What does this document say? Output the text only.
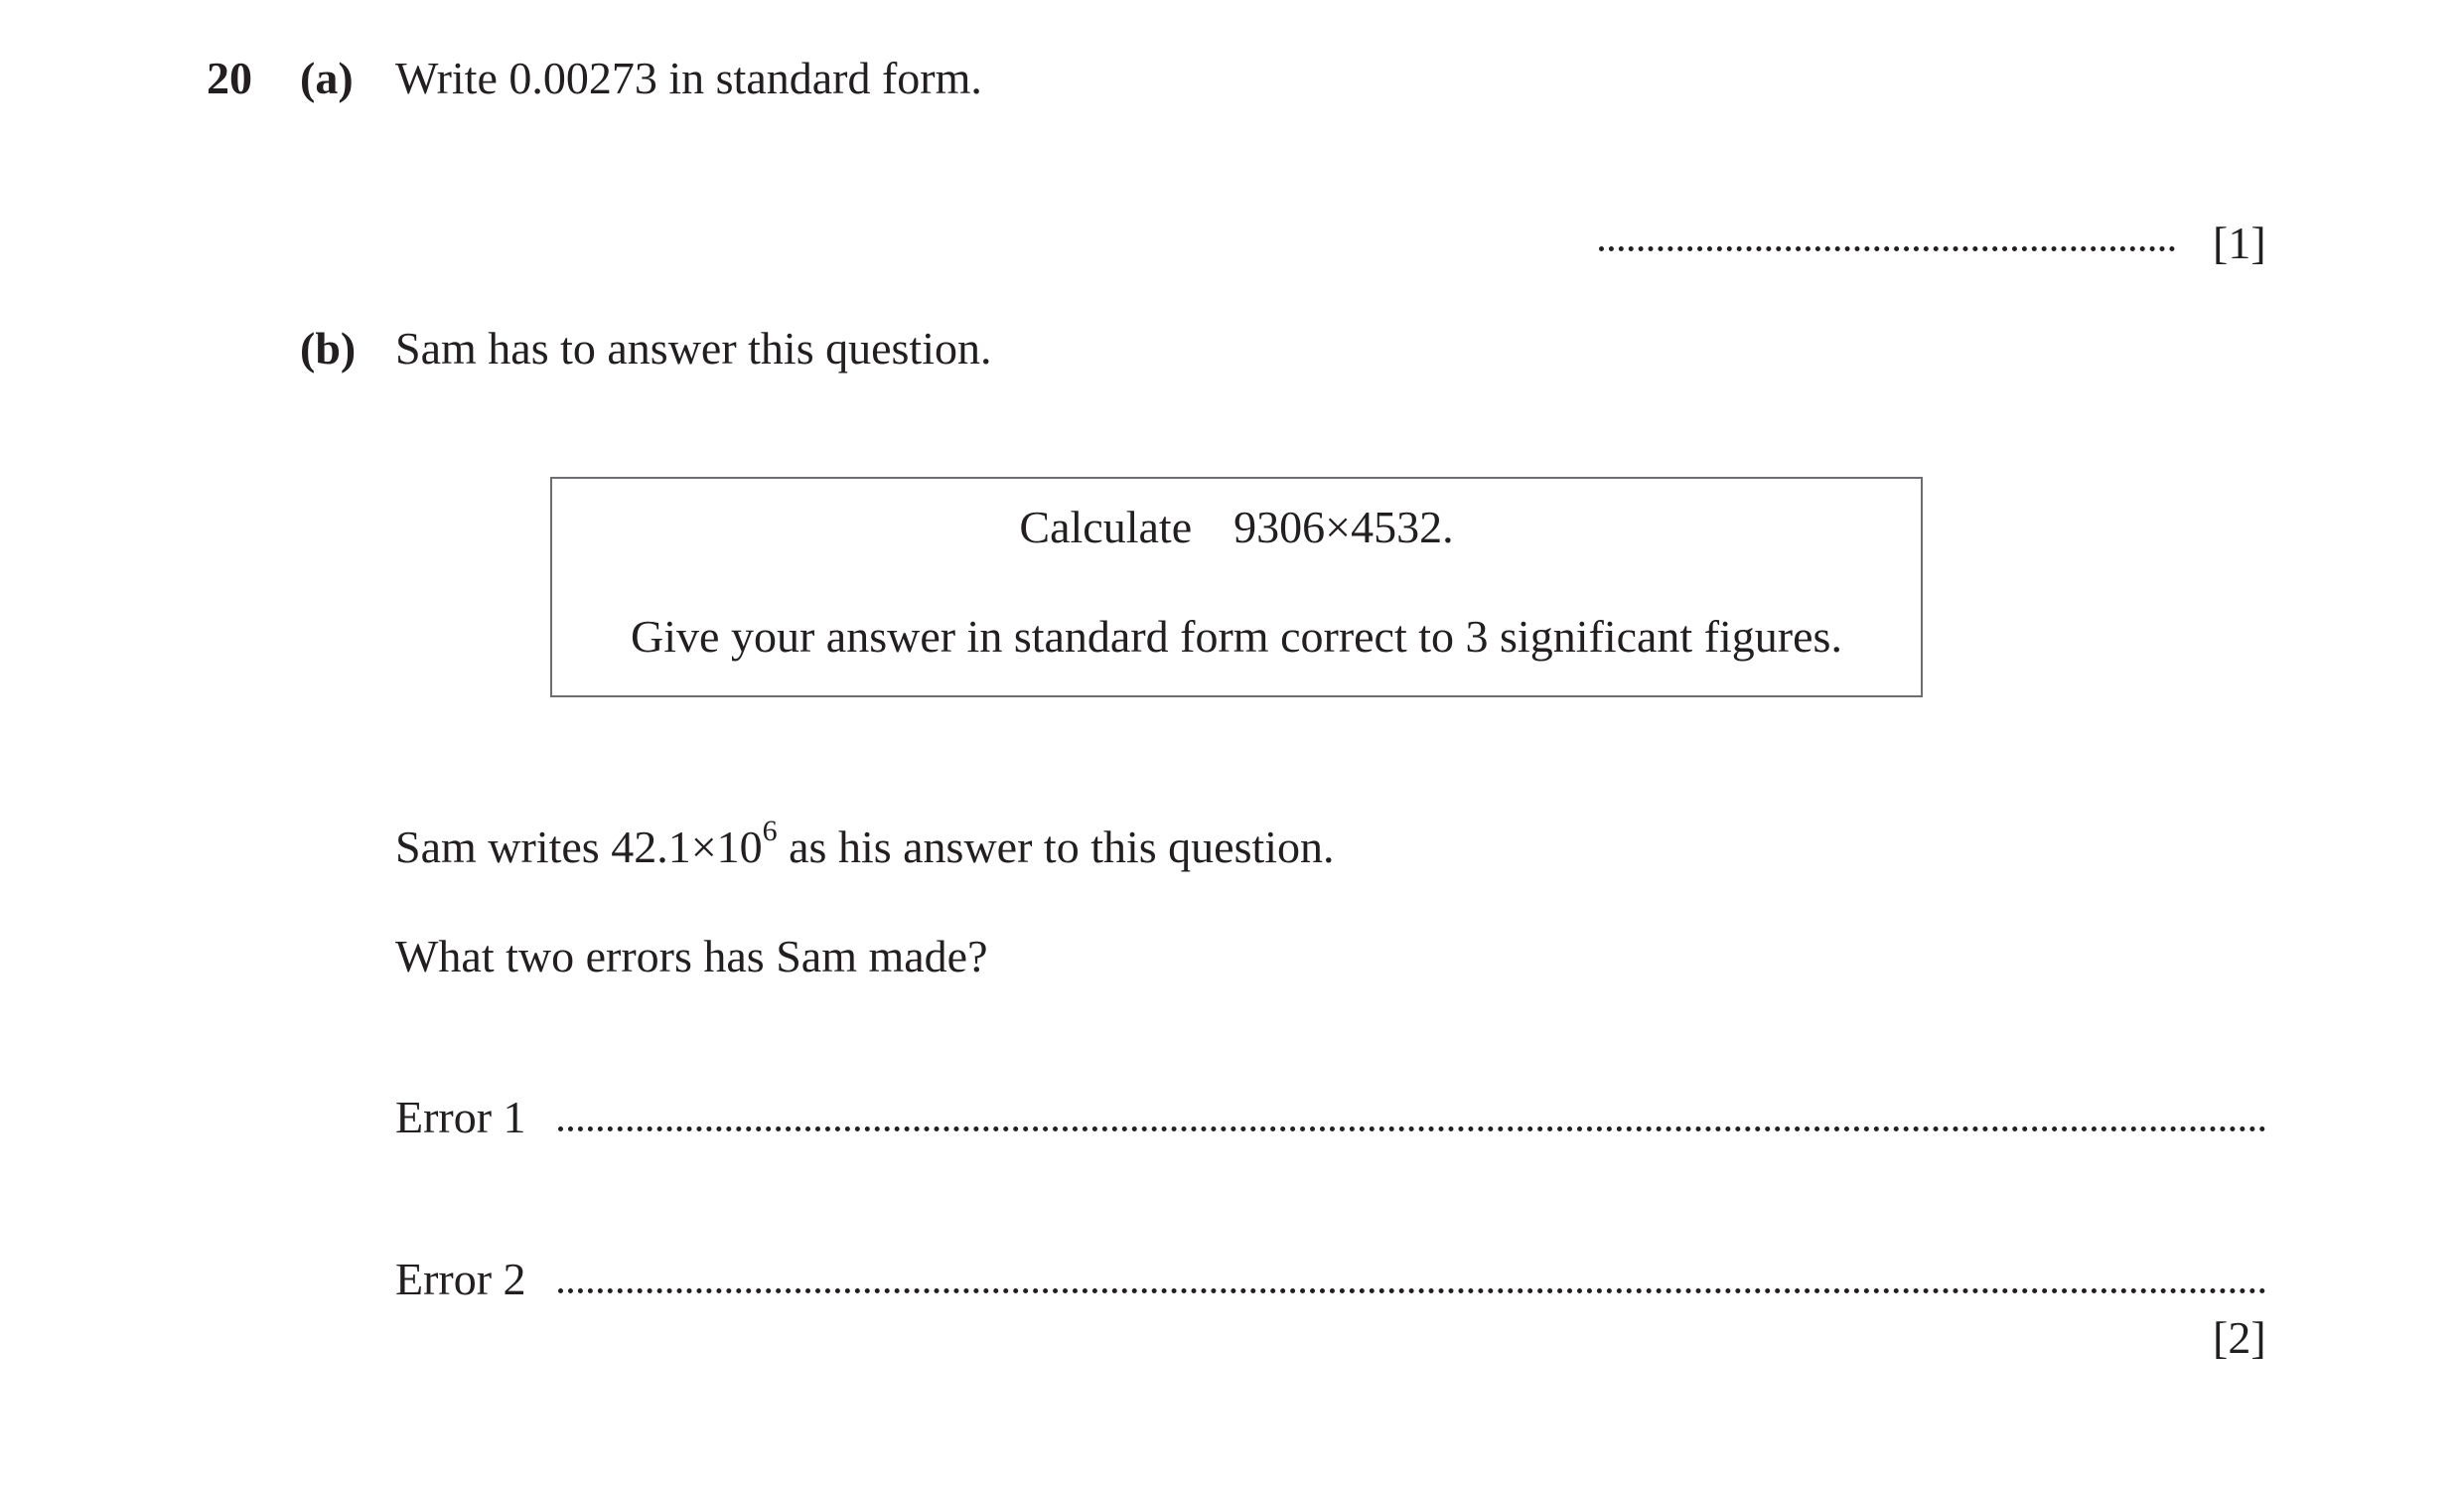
20 (a) Write 0.00273 in standard form.
[1]
(b) Sam has to answer this question.
Calculate 9306×4532.
Give your answer in standard form correct to 3 significant figures.
Sam writes $42.1\times 10^6$ as his answer to this question.
What two errors has Sam made?
Error 1
Error 2
[2]
